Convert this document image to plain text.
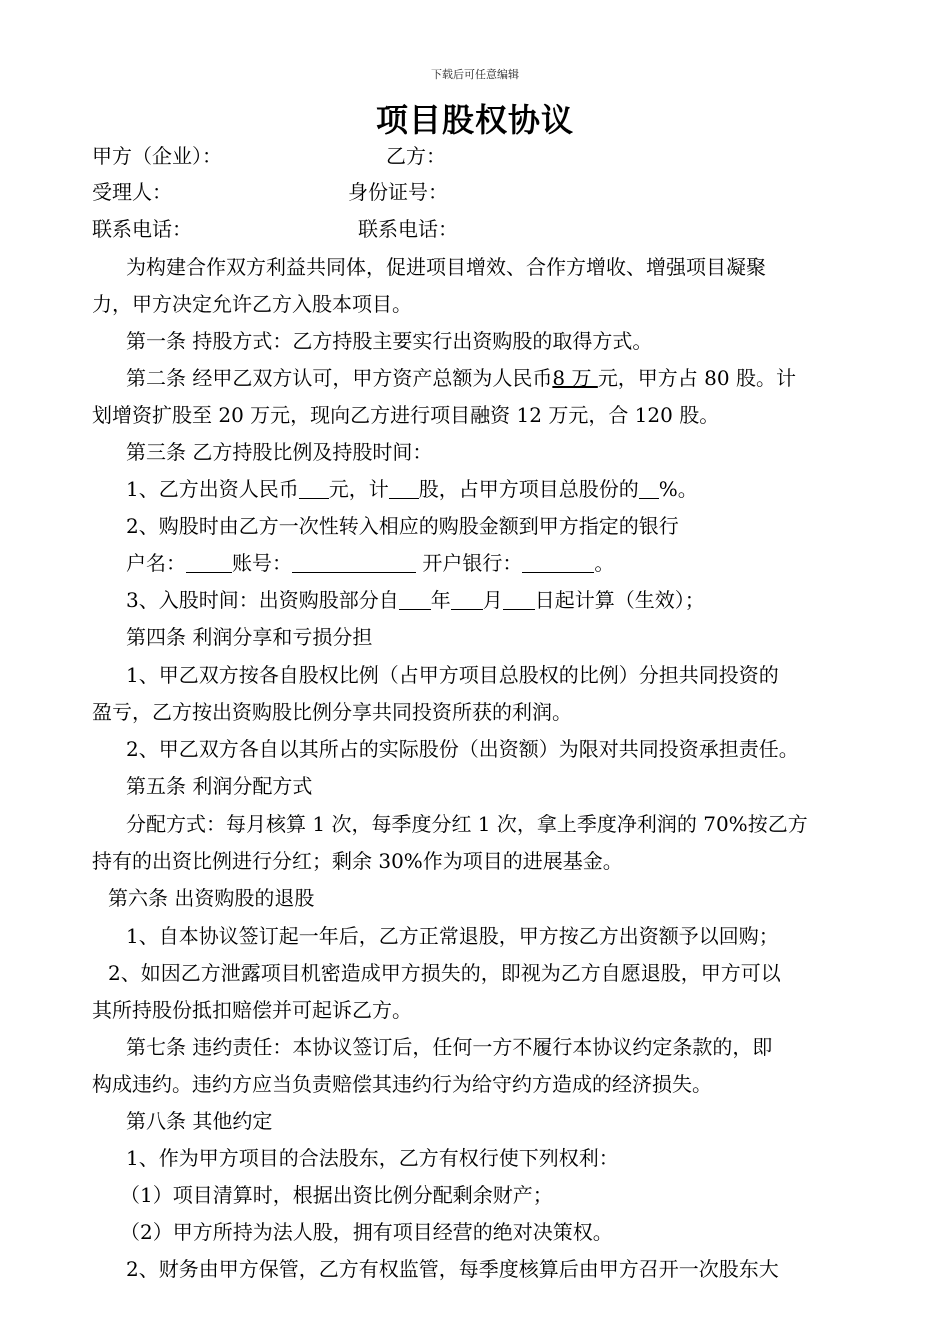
下载后可任意编辑
项目股权协议
甲方（企业）：	乙方：
受理人：	身份证号：
联系电话：	联系电话：
为构建合作双方利益共同体，促进项目增效、合作方增收、增强项目凝聚
力，甲方决定允许乙方入股本项目。
第一条 持股方式：乙方持股主要实行出资购股的取得方式。
第二条 经甲乙双方认可，甲方资产总额为人民币8 万 元，甲方占 80 股。计
划增资扩股至 20 万元，现向乙方进行项目融资 12 万元，合 120 股。
第三条 乙方持股比例及持股时间：
1、乙方出资人民币 元，计 股，占甲方项目总股份的 %。
2、购股时由乙方一次性转入相应的购股金额到甲方指定的银行
户名： 账号：	开户银行：	。
3、入股时间：出资购股部分自 年 月 日起计算（生效）；
第四条 利润分享和亏损分担
1、甲乙双方按各自股权比例（占甲方项目总股权的比例）分担共同投资的
盈亏，乙方按出资购股比例分享共同投资所获的利润。
2、甲乙双方各自以其所占的实际股份（出资额）为限对共同投资承担责任。
第五条 利润分配方式
分配方式：每月核算 1 次，每季度分红 1 次，拿上季度净利润的 70%按乙方
持有的出资比例进行分红；剩余 30%作为项目的进展基金。
第六条 出资购股的退股
1、自本协议签订起一年后，乙方正常退股，甲方按乙方出资额予以回购；
2、如因乙方泄露项目机密造成甲方损失的，即视为乙方自愿退股，甲方可以
其所持股份抵扣赔偿并可起诉乙方。
第七条 违约责任：本协议签订后，任何一方不履行本协议约定条款的，即
构成违约。违约方应当负责赔偿其违约行为给守约方造成的经济损失。
第八条 其他约定
1、作为甲方项目的合法股东，乙方有权行使下列权利：
（1）项目清算时，根据出资比例分配剩余财产；
（2）甲方所持为法人股，拥有项目经营的绝对决策权。
2、财务由甲方保管，乙方有权监管，每季度核算后由甲方召开一次股东大
